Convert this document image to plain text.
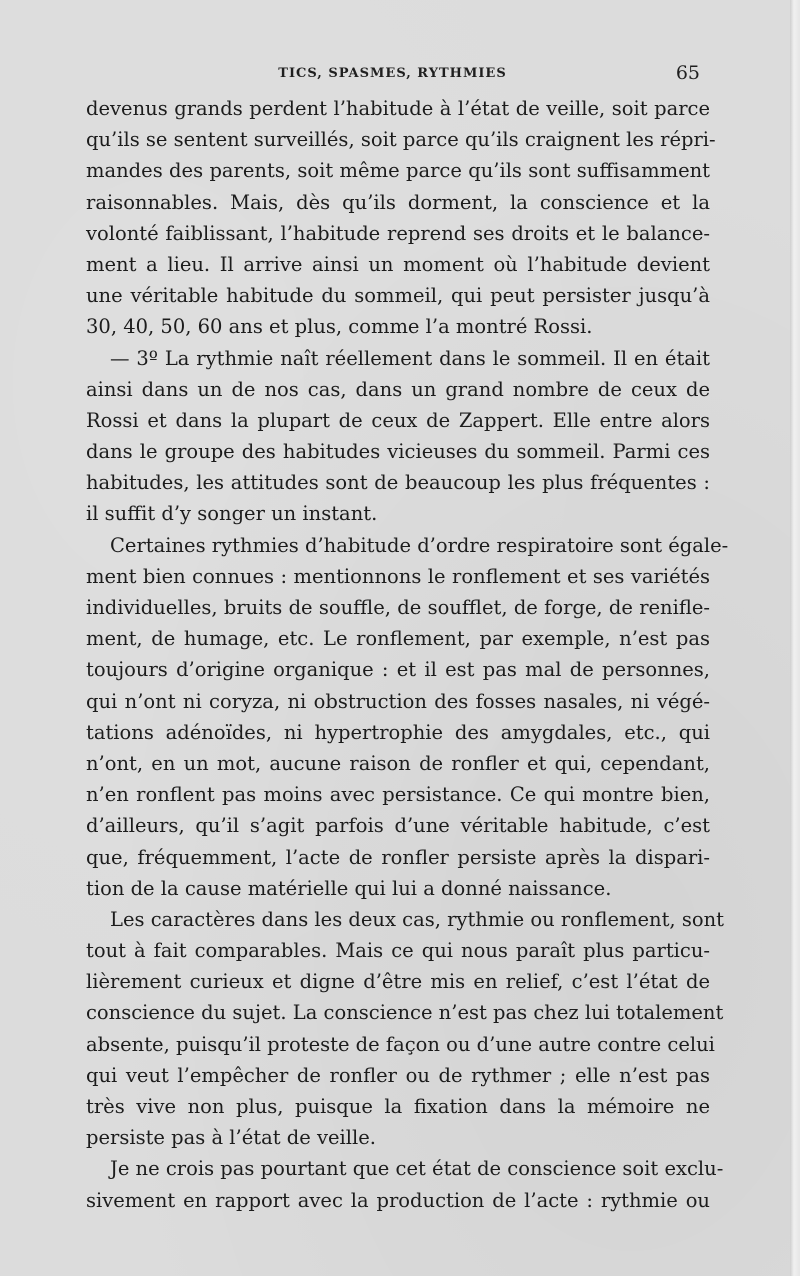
TICS, SPASMES, RYTHMIES	65
devenus grands perdent l’habitude à l’état de veille, soit parce
qu’ils se sentent surveillés, soit parce qu’ils craignent les répri-
mandes des parents, soit même parce qu’ils sont suffisamment
raisonnables. Mais, dès qu’ils dorment, la conscience et la
volonté faiblissant, l’habitude reprend ses droits et le balance-
ment a lieu. Il arrive ainsi un moment où l’habitude devient
une véritable habitude du sommeil, qui peut persister jusqu’à
30, 40, 50, 60 ans et plus, comme l’a montré Rossi.
— 3º La rythmie naît réellement dans le sommeil. Il en était
ainsi dans un de nos cas, dans un grand nombre de ceux de
Rossi et dans la plupart de ceux de Zappert. Elle entre alors
dans le groupe des habitudes vicieuses du sommeil. Parmi ces
habitudes, les attitudes sont de beaucoup les plus fréquentes :
il suffit d’y songer un instant.
Certaines rythmies d’habitude d’ordre respiratoire sont égale-
ment bien connues : mentionnons le ronflement et ses variétés
individuelles, bruits de souffle, de soufflet, de forge, de renifle-
ment, de humage, etc. Le ronflement, par exemple, n’est pas
toujours d’origine organique : et il est pas mal de personnes,
qui n’ont ni coryza, ni obstruction des fosses nasales, ni végé-
tations adénoïdes, ni hypertrophie des amygdales, etc., qui
n’ont, en un mot, aucune raison de ronfler et qui, cependant,
n’en ronflent pas moins avec persistance. Ce qui montre bien,
d’ailleurs, qu’il s’agit parfois d’une véritable habitude, c’est
que, fréquemment, l’acte de ronfler persiste après la dispari-
tion de la cause matérielle qui lui a donné naissance.
Les caractères dans les deux cas, rythmie ou ronflement, sont
tout à fait comparables. Mais ce qui nous paraît plus particu-
lièrement curieux et digne d’être mis en relief, c’est l’état de
conscience du sujet. La conscience n’est pas chez lui totalement
absente, puisqu’il proteste de façon ou d’une autre contre celui
qui veut l’empêcher de ronfler ou de rythmer ; elle n’est pas
très vive non plus, puisque la fixation dans la mémoire ne
persiste pas à l’état de veille.
Je ne crois pas pourtant que cet état de conscience soit exclu-
sivement en rapport avec la production de l’acte : rythmie ou
